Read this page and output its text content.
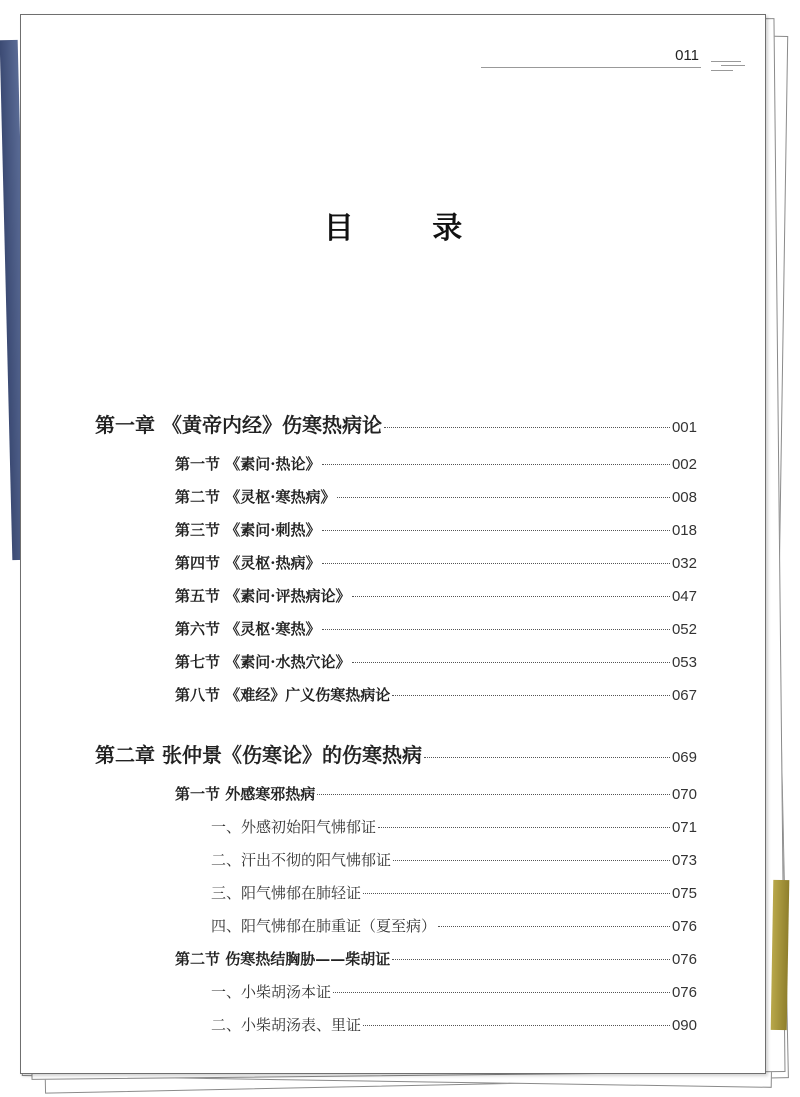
011
目 录
第一章 《黄帝内经》伤寒热病论	001
第一节 《素问·热论》	002
第二节 《灵枢·寒热病》	008
第三节 《素问·刺热》	018
第四节 《灵枢·热病》	032
第五节 《素问·评热病论》	047
第六节 《灵枢·寒热》	052
第七节 《素问·水热穴论》	053
第八节 《难经》广义伤寒热病论	067
第二章 张仲景《伤寒论》的伤寒热病	069
第一节 外感寒邪热病	070
一、外感初始阳气怫郁证	071
二、汗出不彻的阳气怫郁证	073
三、阳气怫郁在肺轻证	075
四、阳气怫郁在肺重证（夏至病）	076
第二节 伤寒热结胸胁——柴胡证	076
一、小柴胡汤本证	076
二、小柴胡汤表、里证	090
